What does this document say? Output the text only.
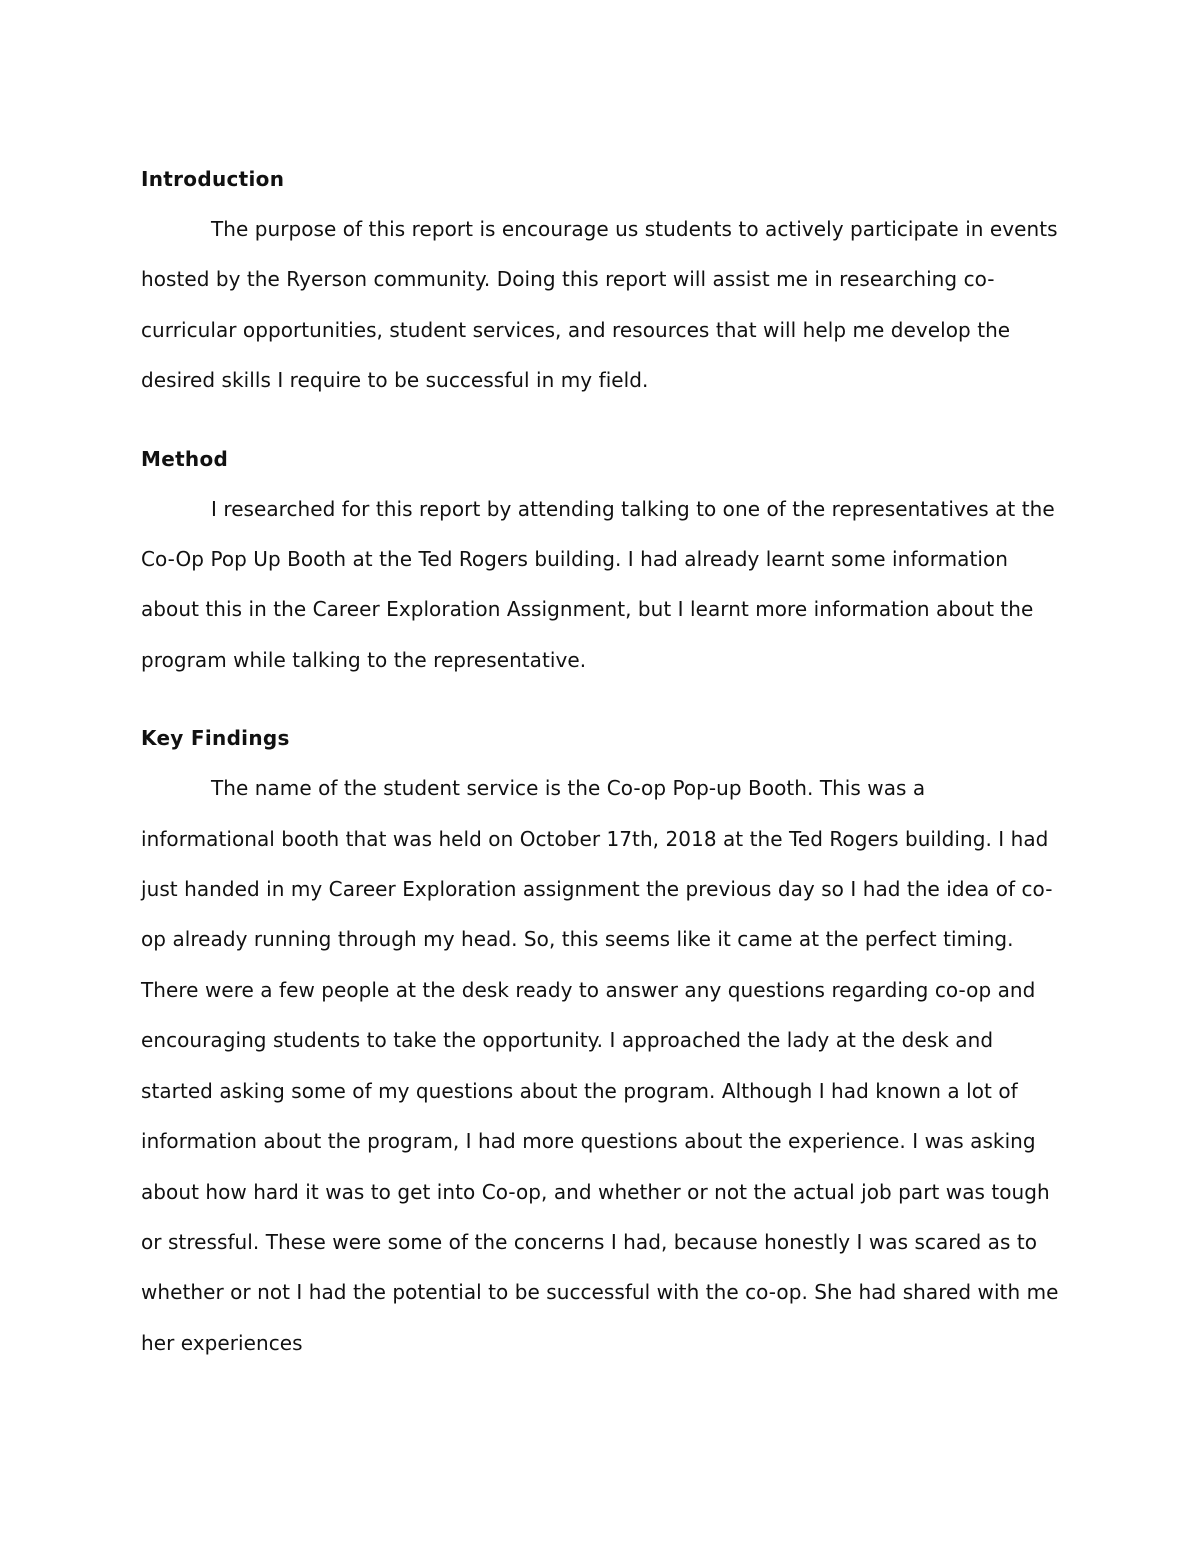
Introduction

The purpose of this report is encourage us students to actively participate in events hosted by the Ryerson community. Doing this report will assist me in researching co-curricular opportunities, student services, and resources that will help me develop the desired skills I require to be successful in my field.

Method

I researched for this report by attending talking to one of the representatives at the Co-Op Pop Up Booth at the Ted Rogers building. I had already learnt some information about this in the Career Exploration Assignment, but I learnt more information about the program while talking to the representative.

Key Findings

The name of the student service is the Co-op Pop-up Booth. This was a informational booth that was held on October 17th, 2018 at the Ted Rogers building. I had just handed in my Career Exploration assignment the previous day so I had the idea of co-op already running through my head. So, this seems like it came at the perfect timing. There were a few people at the desk ready to answer any questions regarding co-op and encouraging students to take the opportunity. I approached the lady at the desk and started asking some of my questions about the program. Although I had known a lot of information about the program, I had more questions about the experience. I was asking about how hard it was to get into Co-op, and whether or not the actual job part was tough or stressful. These were some of the concerns I had, because honestly I was scared as to whether or not I had the potential to be successful with the co-op. She had shared with me her experiences
